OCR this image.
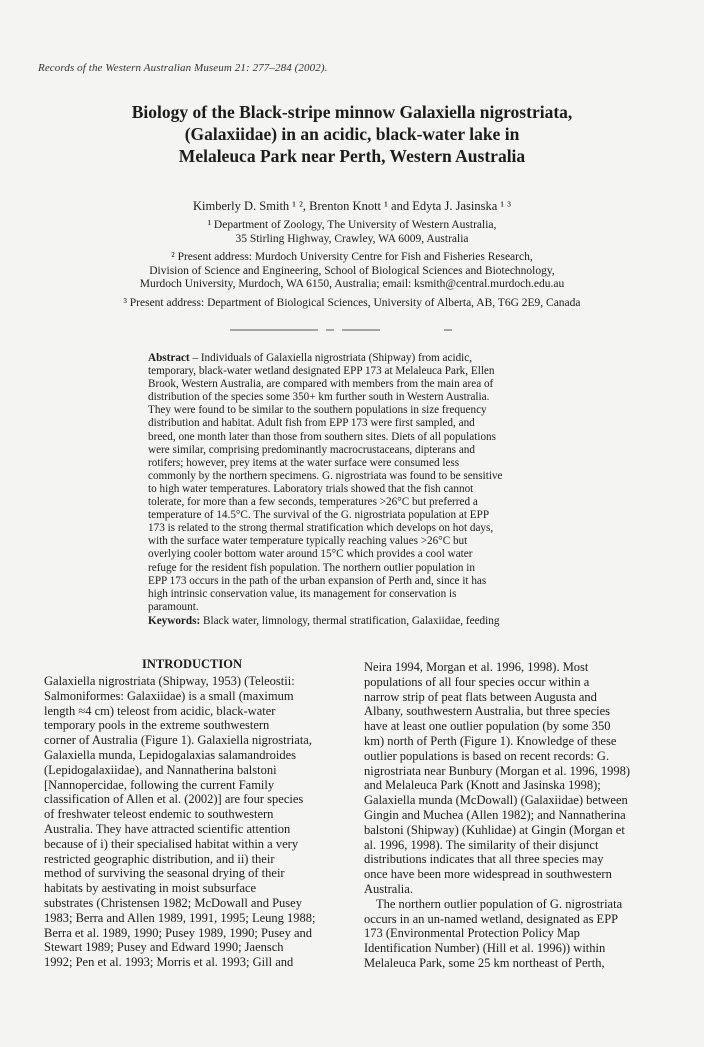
Records of the Western Australian Museum 21: 277–284 (2002).
Biology of the Black-stripe minnow Galaxiella nigrostriata,
(Galaxiidae) in an acidic, black-water lake in
Melaleuca Park near Perth, Western Australia
Kimberly D. Smith ¹ ², Brenton Knott ¹ and Edyta J. Jasinska ¹ ³
¹ Department of Zoology, The University of Western Australia,
35 Stirling Highway, Crawley, WA 6009, Australia
² Present address: Murdoch University Centre for Fish and Fisheries Research,
Division of Science and Engineering, School of Biological Sciences and Biotechnology,
Murdoch University, Murdoch, WA 6150, Australia; email: ksmith@central.murdoch.edu.au
³ Present address: Department of Biological Sciences, University of Alberta, AB, T6G 2E9, Canada
Abstract – Individuals of Galaxiella nigrostriata (Shipway) from acidic,
temporary, black-water wetland designated EPP 173 at Melaleuca Park, Ellen
Brook, Western Australia, are compared with members from the main area of
distribution of the species some 350+ km further south in Western Australia.
They were found to be similar to the southern populations in size frequency
distribution and habitat. Adult fish from EPP 173 were first sampled, and
breed, one month later than those from southern sites. Diets of all populations
were similar, comprising predominantly macrocrustaceans, dipterans and
rotifers; however, prey items at the water surface were consumed less
commonly by the northern specimens. G. nigrostriata was found to be sensitive
to high water temperatures. Laboratory trials showed that the fish cannot
tolerate, for more than a few seconds, temperatures >26°C but preferred a
temperature of 14.5°C. The survival of the G. nigrostriata population at EPP
173 is related to the strong thermal stratification which develops on hot days,
with the surface water temperature typically reaching values >26°C but
overlying cooler bottom water around 15°C which provides a cool water
refuge for the resident fish population. The northern outlier population in
EPP 173 occurs in the path of the urban expansion of Perth and, since it has
high intrinsic conservation value, its management for conservation is
paramount.
Keywords: Black water, limnology, thermal stratification, Galaxiidae, feeding
INTRODUCTION
Galaxiella nigrostriata (Shipway, 1953) (Teleostii:
Salmoniformes: Galaxiidae) is a small (maximum
length ≈4 cm) teleost from acidic, black-water
temporary pools in the extreme southwestern
corner of Australia (Figure 1). Galaxiella nigrostriata,
Galaxiella munda, Lepidogalaxias salamandroides
(Lepidogalaxiidae), and Nannatherina balstoni
[Nannopercidae, following the current Family
classification of Allen et al. (2002)] are four species
of freshwater teleost endemic to southwestern
Australia. They have attracted scientific attention
because of i) their specialised habitat within a very
restricted geographic distribution, and ii) their
method of surviving the seasonal drying of their
habitats by aestivating in moist subsurface
substrates (Christensen 1982; McDowall and Pusey
1983; Berra and Allen 1989, 1991, 1995; Leung 1988;
Berra et al. 1989, 1990; Pusey 1989, 1990; Pusey and
Stewart 1989; Pusey and Edward 1990; Jaensch
1992; Pen et al. 1993; Morris et al. 1993; Gill and
Neira 1994, Morgan et al. 1996, 1998). Most
populations of all four species occur within a
narrow strip of peat flats between Augusta and
Albany, southwestern Australia, but three species
have at least one outlier population (by some 350
km) north of Perth (Figure 1). Knowledge of these
outlier populations is based on recent records: G.
nigrostriata near Bunbury (Morgan et al. 1996, 1998)
and Melaleuca Park (Knott and Jasinska 1998);
Galaxiella munda (McDowall) (Galaxiidae) between
Gingin and Muchea (Allen 1982); and Nannatherina
balstoni (Shipway) (Kuhlidae) at Gingin (Morgan et
al. 1996, 1998). The similarity of their disjunct
distributions indicates that all three species may
once have been more widespread in southwestern
Australia.
The northern outlier population of G. nigrostriata
occurs in an un-named wetland, designated as EPP
173 (Environmental Protection Policy Map
Identification Number) (Hill et al. 1996)) within
Melaleuca Park, some 25 km northeast of Perth,
